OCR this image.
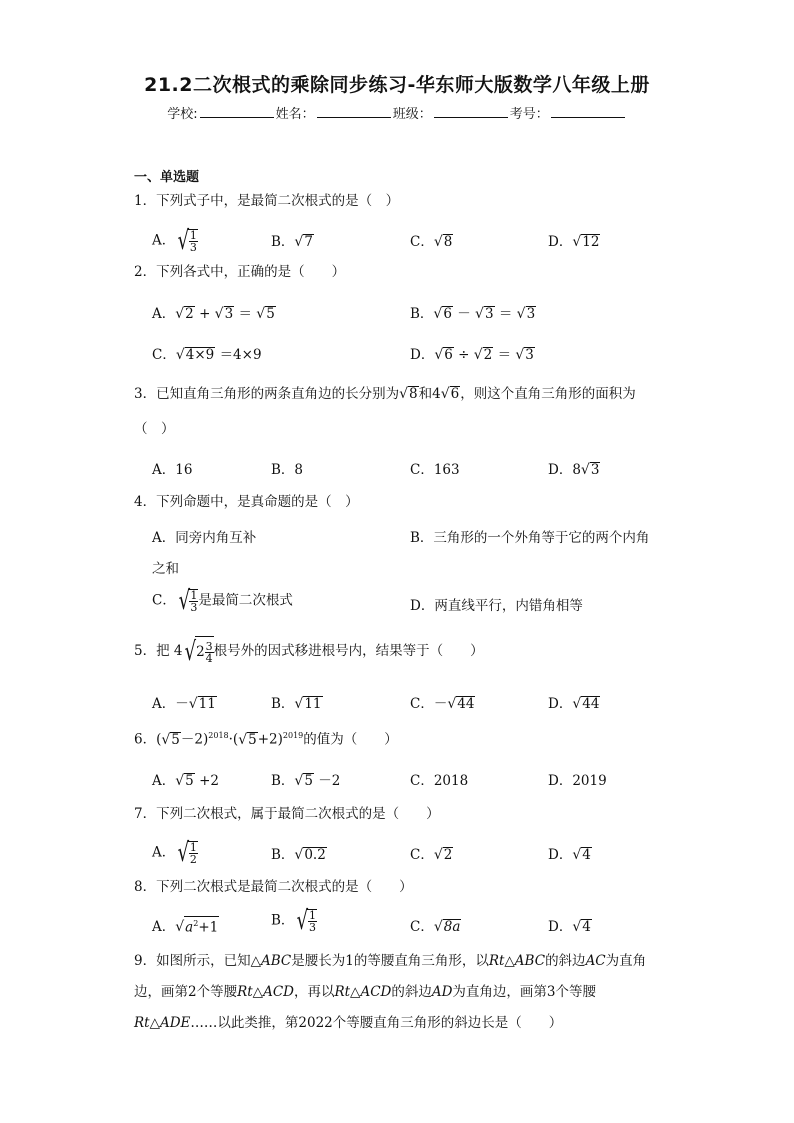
21.2二次根式的乘除同步练习-华东师大版数学八年级上册
学校:	姓名：	班级：	考号：
一、单选题
1．下列式子中，是最简二次根式的是（　）
A．√ $\frac{1}{3}$	B．√7	C．√8	D．√12
2．下列各式中，正确的是（　　）
A．√2 + √3 ＝ √5	B．√6 － √3 ＝ √3
C．√4×9 ＝4×9	D．√6 ÷ √2 ＝ √3
3．已知直角三角形的两条直角边的长分别为√8和4√6，则这个直角三角形的面积为
（　）
A．16	B．8	C．163	D．8√3
4．下列命题中，是真命题的是（　）
A．同旁内角互补	B．三角形的一个外角等于它的两个内角
之和
C．√ $\frac{1}{3}$ 是最简二次根式	D．两直线平行，内错角相等
5．把 $4√2 \frac{3}{4}$ 根号外的因式移进根号内，结果等于（　　）
A．－√11	B．√11	C．－√44	D．√44
6．$(√5-2)^{2018}\cdot(√5+2)^{2019}$的值为（　　）
A．√5 +2	B．√5 －2	C．2018	D．2019
7．下列二次根式，属于最简二次根式的是（　　）
A．√ $\frac{1}{2}$	B．√0.2	C．√2	D．√4
8．下列二次根式是最简二次根式的是（　　）
A．$√a^2+1$	B．√ $\frac{1}{3}$	C．√8a	D．√4
9．如图所示，已知△ABC是腰长为1的等腰直角三角形，以Rt△ABC的斜边AC为直角
边，画第2个等腰Rt△ACD，再以Rt△ACD的斜边AD为直角边，画第3个等腰
Rt△ADE……以此类推，第2022个等腰直角三角形的斜边长是（　　）
